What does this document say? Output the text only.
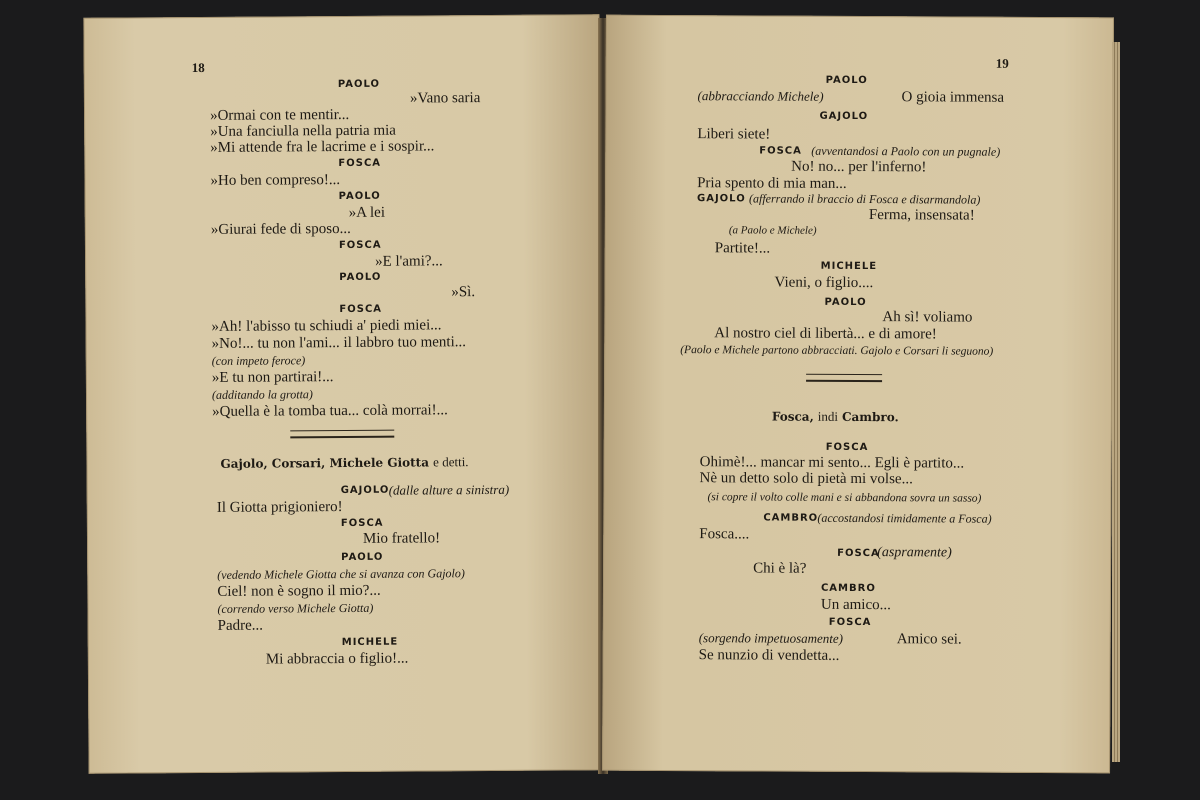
18
PAOLO
»Vano saria
»Ormai con te mentir...
»Una fanciulla nella patria mia
»Mi attende fra le lacrime e i sospir...
FOSCA
»Ho ben compreso!...
PAOLO
»A lei
»Giurai fede di sposo...
FOSCA
»E l'ami?...
PAOLO
»Sì.
FOSCA
»Ah! l'abisso tu schiudi a' piedi miei...
»No!... tu non l'ami... il labbro tuo menti...
(con impeto feroce)
»E tu non partirai!...
(additando la grotta)
»Quella è la tomba tua... colà morrai!...
Gajolo, Corsari, Michele Giotta e detti.
GAJOLO (dalle alture a sinistra)
Il Giotta prigioniero!
FOSCA
Mio fratello!
PAOLO
(vedendo Michele Giotta che si avanza con Gajolo)
Ciel! non è sogno il mio?...
(correndo verso Michele Giotta)
Padre...
MICHELE
Mi abbraccia o figlio!...
19
PAOLO
(abbracciando Michele)	O gioia immensa
GAJOLO
Liberi siete!
FOSCA (avventandosi a Paolo con un pugnale)
No! no... per l'inferno!
Pria spento di mia man...
GAJOLO (afferrando il braccio di Fosca e disarmandola)
Ferma, insensata!
(a Paolo e Michele)
Partite!...
MICHELE
Vieni, o figlio....
PAOLO
Ah sì! voliamo
Al nostro ciel di libertà... e di amore!
(Paolo e Michele partono abbracciati. Gajolo e Corsari li seguono)
Fosca, indi Cambro.
FOSCA
Ohimè!... mancar mi sento... Egli è partito...
Nè un detto solo di pietà mi volse...
(si copre il volto colle mani e si abbandona sovra un sasso)
CAMBRO (accostandosi timidamente a Fosca)
Fosca....
FOSCA
(aspramente)
Chi è là?
CAMBRO
Un amico...
FOSCA
(sorgendo impetuosamente)	Amico sei.
Se nunzio di vendetta...
